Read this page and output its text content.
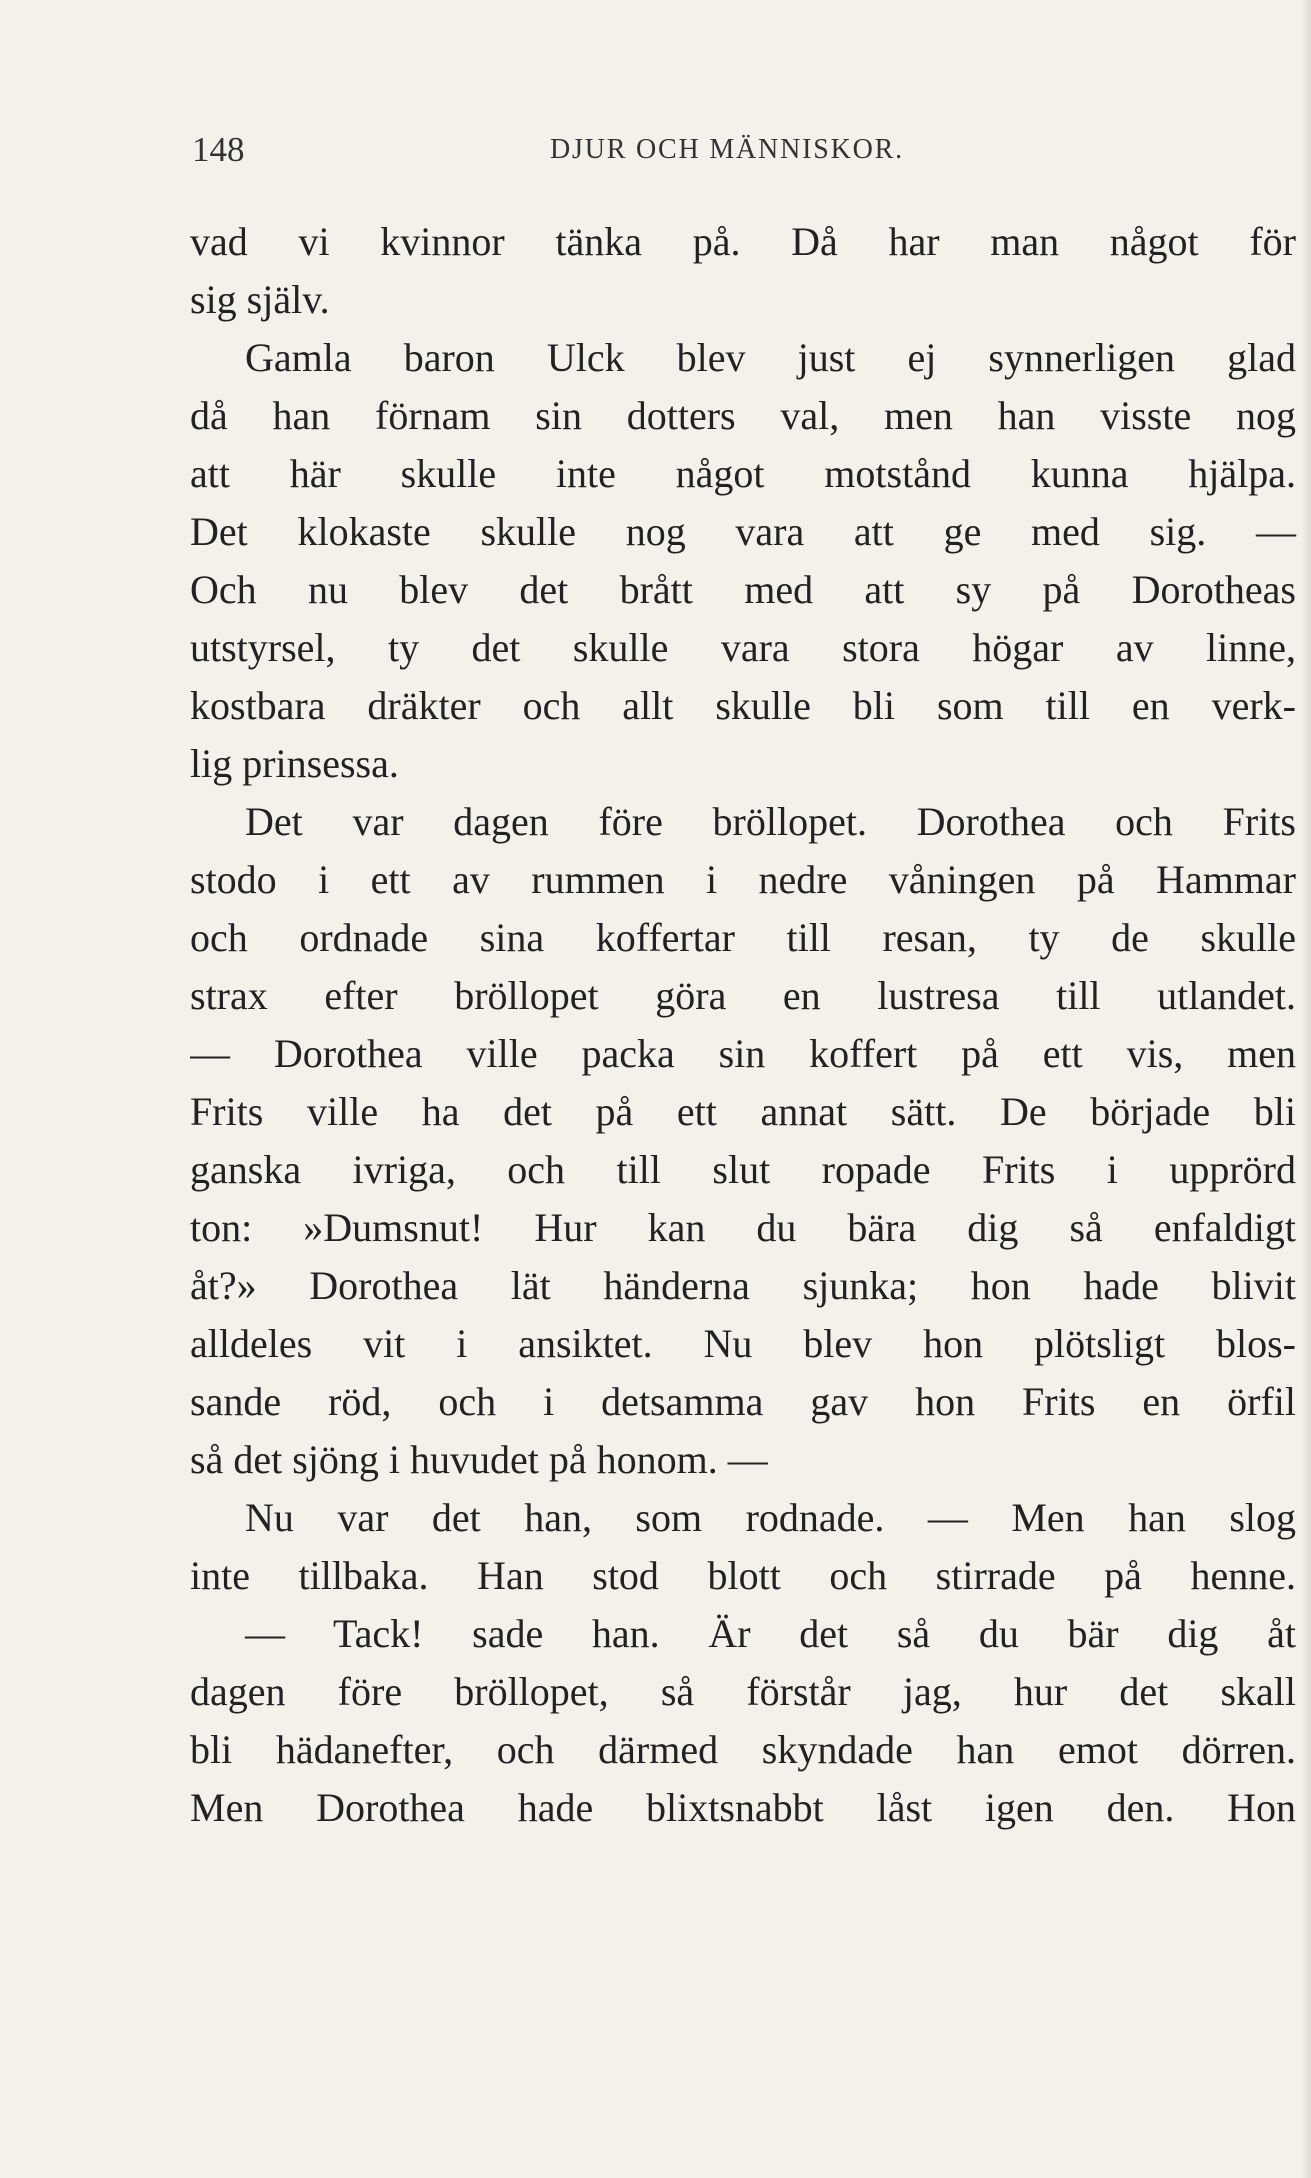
148	DJUR OCH MÄNNISKOR.
vad vi kvinnor tänka på. Då har man något för
sig själv.
Gamla baron Ulck blev just ej synnerligen glad
då han förnam sin dotters val, men han visste nog
att här skulle inte något motstånd kunna hjälpa.
Det klokaste skulle nog vara att ge med sig. —
Och nu blev det brått med att sy på Dorotheas
utstyrsel, ty det skulle vara stora högar av linne,
kostbara dräkter och allt skulle bli som till en verk-
lig prinsessa.
Det var dagen före bröllopet. Dorothea och Frits
stodo i ett av rummen i nedre våningen på Hammar
och ordnade sina koffertar till resan, ty de skulle
strax efter bröllopet göra en lustresa till utlandet.
— Dorothea ville packa sin koffert på ett vis, men
Frits ville ha det på ett annat sätt. De började bli
ganska ivriga, och till slut ropade Frits i upprörd
ton: »Dumsnut! Hur kan du bära dig så enfaldigt
åt?» Dorothea lät händerna sjunka; hon hade blivit
alldeles vit i ansiktet. Nu blev hon plötsligt blos-
sande röd, och i detsamma gav hon Frits en örfil
så det sjöng i huvudet på honom. —
Nu var det han, som rodnade. — Men han slog
inte tillbaka. Han stod blott och stirrade på henne.
— Tack! sade han. Är det så du bär dig åt
dagen före bröllopet, så förstår jag, hur det skall
bli hädanefter, och därmed skyndade han emot dörren.
Men Dorothea hade blixtsnabbt låst igen den. Hon
